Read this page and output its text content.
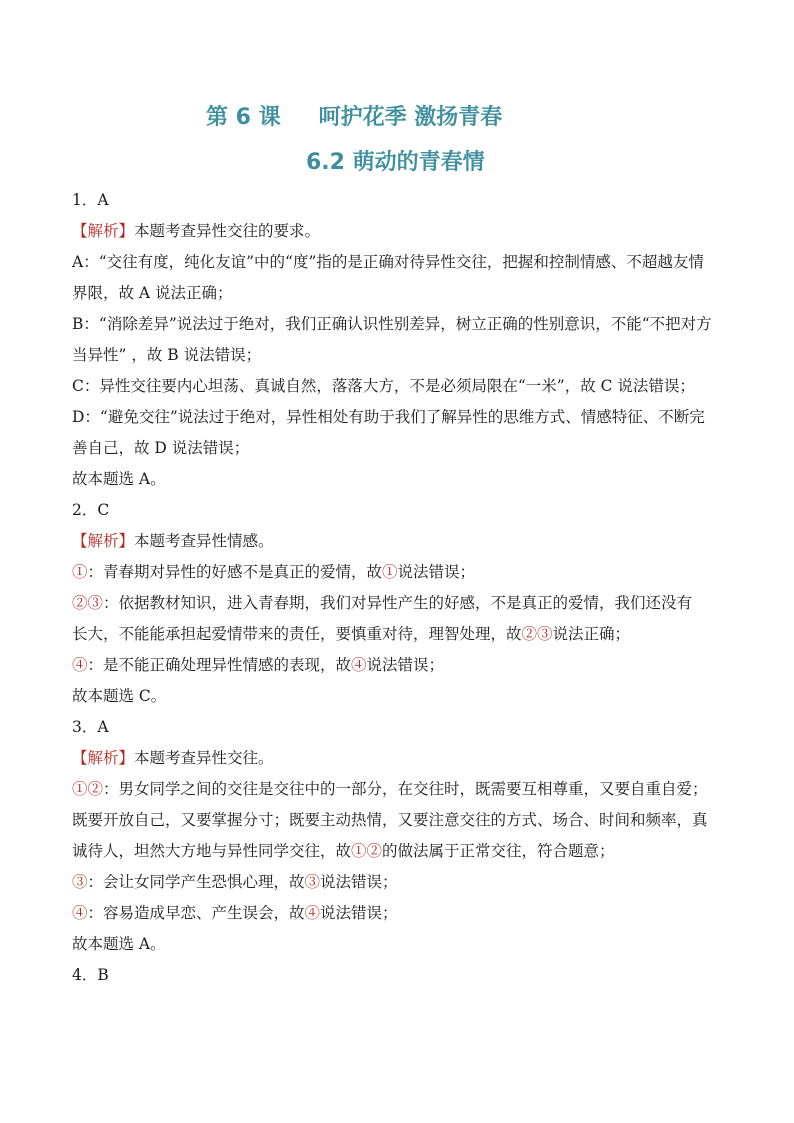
第 6 课 呵护花季 激扬青春
6.2 萌动的青春情
1．A
【解析】本题考查异性交往的要求。
A：“交往有度，纯化友谊”中的“度”指的是正确对待异性交往，把握和控制情感、不超越友情
界限，故 A 说法正确；
B：“消除差异”说法过于绝对，我们正确认识性别差异，树立正确的性别意识，不能“不把对方
当异性” ，故 B 说法错误；
C：异性交往要内心坦荡、真诚自然，落落大方，不是必须局限在“一米”，故 C 说法错误；
D：“避免交往”说法过于绝对，异性相处有助于我们了解异性的思维方式、情感特征、不断完
善自己，故 D 说法错误；
故本题选 A。
2．C
【解析】本题考查异性情感。
①：青春期对异性的好感不是真正的爱情，故①说法错误；
②③：依据教材知识，进入青春期，我们对异性产生的好感，不是真正的爱情，我们还没有
长大，不能能承担起爱情带来的责任，要慎重对待，理智处理，故②③说法正确；
④：是不能正确处理异性情感的表现，故④说法错误；
故本题选 C。
3．A
【解析】本题考查异性交往。
①②：男女同学之间的交往是交往中的一部分，在交往时，既需要互相尊重，又要自重自爱；
既要开放自己，又要掌握分寸；既要主动热情，又要注意交往的方式、场合、时间和频率，真
诚待人，坦然大方地与异性同学交往，故①②的做法属于正常交往，符合题意；
③：会让女同学产生恐惧心理，故③说法错误；
④：容易造成早恋、产生误会，故④说法错误；
故本题选 A。
4．B
